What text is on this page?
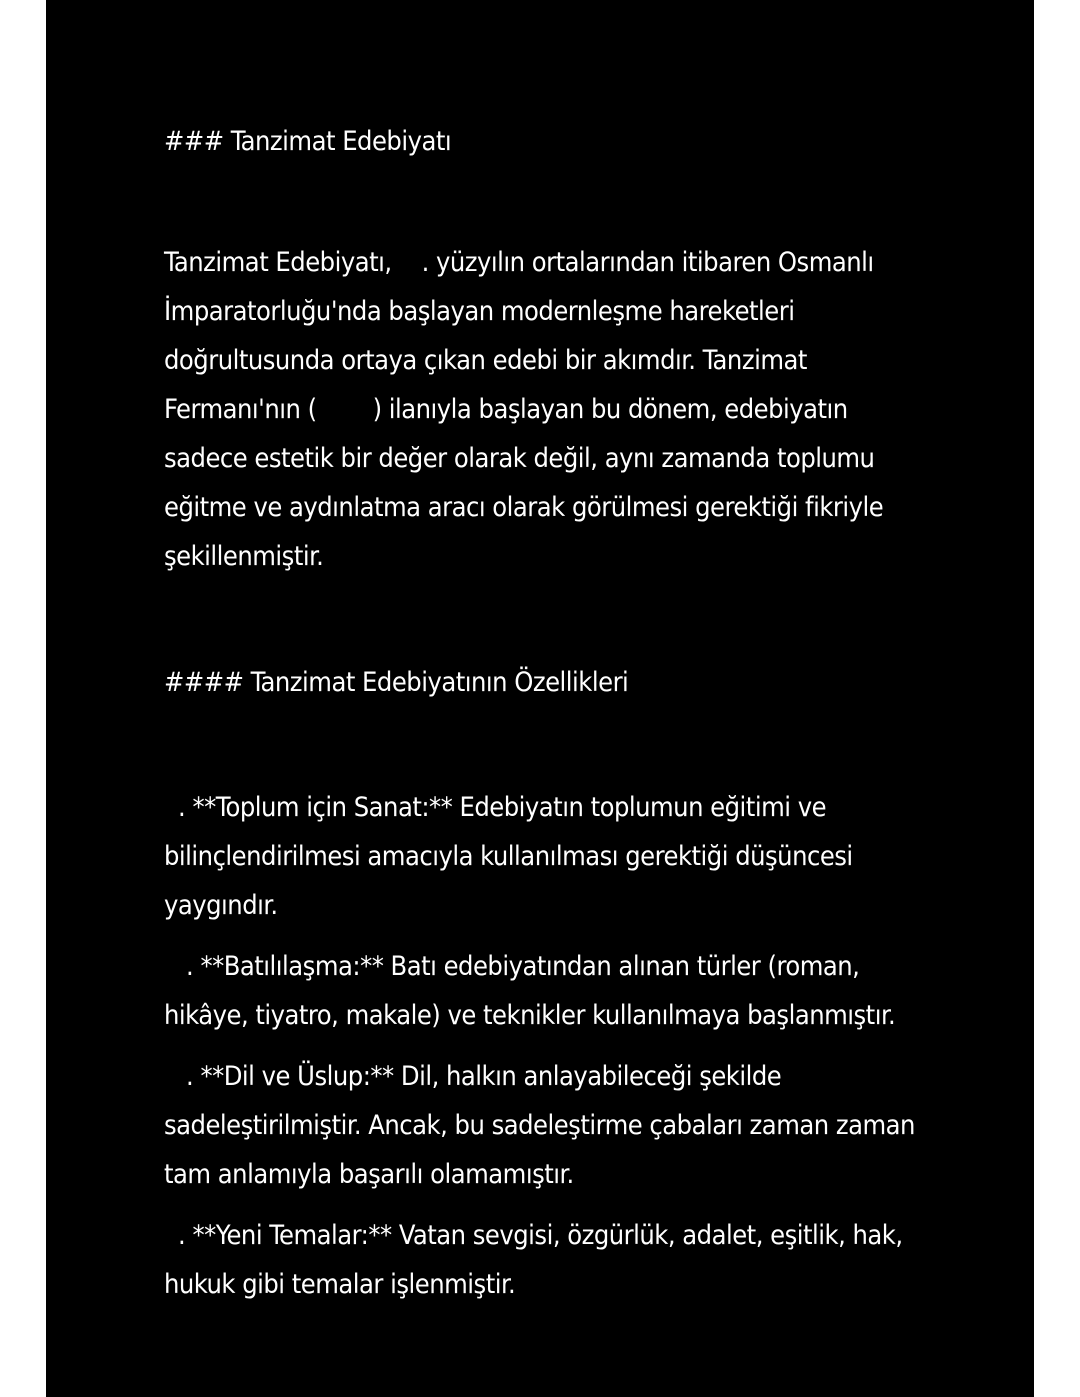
### Tanzimat Edebiyatı

Tanzimat Edebiyatı, . yüzyılın ortalarından itibaren Osmanlı İmparatorluğu'nda başlayan modernleşme hareketleri doğrultusunda ortaya çıkan edebi bir akımdır. Tanzimat Fermanı'nın ( ) ilanıyla başlayan bu dönem, edebiyatın sadece estetik bir değer olarak değil, aynı zamanda toplumu eğitme ve aydınlatma aracı olarak görülmesi gerektiği fikriyle şekillenmiştir.

#### Tanzimat Edebiyatının Özellikleri

. **Toplum için Sanat:** Edebiyatın toplumun eğitimi ve bilinçlendirilmesi amacıyla kullanılması gerektiği düşüncesi yaygındır.

. **Batılılaşma:** Batı edebiyatından alınan türler (roman, hikâye, tiyatro, makale) ve teknikler kullanılmaya başlanmıştır.

. **Dil ve Üslup:** Dil, halkın anlayabileceği şekilde sadeleştirilmiştir. Ancak, bu sadeleştirme çabaları zaman zaman tam anlamıyla başarılı olamamıştır.

. **Yeni Temalar:** Vatan sevgisi, özgürlük, adalet, eşitlik, hak, hukuk gibi temalar işlenmiştir.
